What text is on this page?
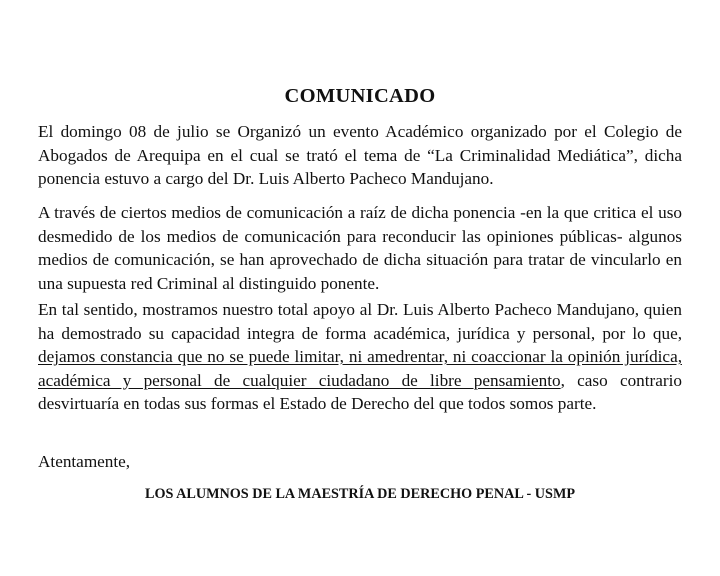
COMUNICADO

El domingo 08 de julio se Organizó un evento Académico organizado por el Colegio de Abogados de Arequipa en el cual se trató el tema de “La Criminalidad Mediática”, dicha ponencia estuvo a cargo del Dr. Luis Alberto Pacheco Mandujano.

A través de ciertos medios de comunicación a raíz de dicha ponencia -en la que critica el uso desmedido de los medios de comunicación para reconducir las opiniones públicas- algunos medios de comunicación, se han aprovechado de dicha situación para tratar de vincularlo en una supuesta red Criminal al distinguido ponente.

En tal sentido, mostramos nuestro total apoyo al Dr. Luis Alberto Pacheco Mandujano, quien ha demostrado su capacidad integra de forma académica, jurídica y personal, por lo que, dejamos constancia que no se puede limitar, ni amedrentar, ni coaccionar la opinión jurídica, académica y personal de cualquier ciudadano de libre pensamiento, caso contrario desvirtuaría en todas sus formas el Estado de Derecho del que todos somos parte.

Atentamente,

LOS ALUMNOS DE LA MAESTRÍA DE DERECHO PENAL - USMP
